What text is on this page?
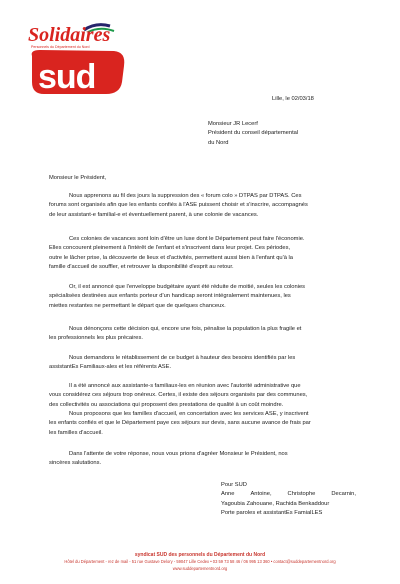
Solidaires
Personnels du Département du Nord
sud
Lille, le 02/03/18
Monsieur JR Lecerf
Président du conseil départemental
du Nord
Monsieur le Président,

Nous apprenons au fil des jours la suppression des « forum colo » DTPAS par DTPAS. Ces

forums sont organisés afin que les enfants confiés à l'ASE puissent choisir et s'inscrire, accompagnés

de leur assistant-e familial-e et éventuellement parent, à une colonie de vacances.

Ces colonies de vacances sont loin d'être un luxe dont le Département peut faire l'économie.

Elles concourent pleinement à l'intérêt de l'enfant et s'inscrivent dans leur projet. Ces périodes,

outre le lâcher prise, la découverte de lieux et d'activités, permettent aussi bien à l'enfant qu'à la

famille d'accueil de souffler, et retrouver la disponibilité d'esprit au retour.

Or, il est annoncé que l'enveloppe budgétaire ayant été réduite de moitié, seules les colonies

spécialisées destinées aux enfants porteur d'un handicap seront intégralement maintenues, les

miettes restantes ne permettant le départ que de quelques chanceux.

Nous dénonçons cette décision qui, encore une fois, pénalise la population la plus fragile et

les professionnels les plus précaires.

Nous demandons le rétablissement de ce budget à hauteur des besoins identifiés par les

assistantEs Familiaux-ales et les référents ASE.

Il a été annoncé aux assistante-s familiaux-les en réunion avec l'autorité administrative que

vous considérez ces séjours trop onéreux. Certes, il existe des séjours organisés par des communes,

des collectivités ou associations qui proposent des prestations de qualité à un coût moindre.

Nous proposons que les familles d'accueil, en concertation avec les services ASE, y inscrivent

les enfants confiés et que le Département paye ces séjours sur devis, sans aucune avance de frais par

les familles d'accueil.

Dans l'attente de votre réponse, nous vous prions d'agréer Monsieur le Président, nos

sincères salutations.

Pour SUD
Anne	Antoine,	Christophe	Decarnin,
Yagoubia Zahouane, Rachida Benkaddour
Porte paroles et assistantEs FamialLES
syndicat SUD des personnels du Département du Nord
Hôtel du Département - rez de mail - 51 rue Gustave Delory - 59047 Lille Cedex • 03 59 73 58 46 / 06 995 13 360 • contact@suddepartementnord.org
www.suddepartementnord.org
